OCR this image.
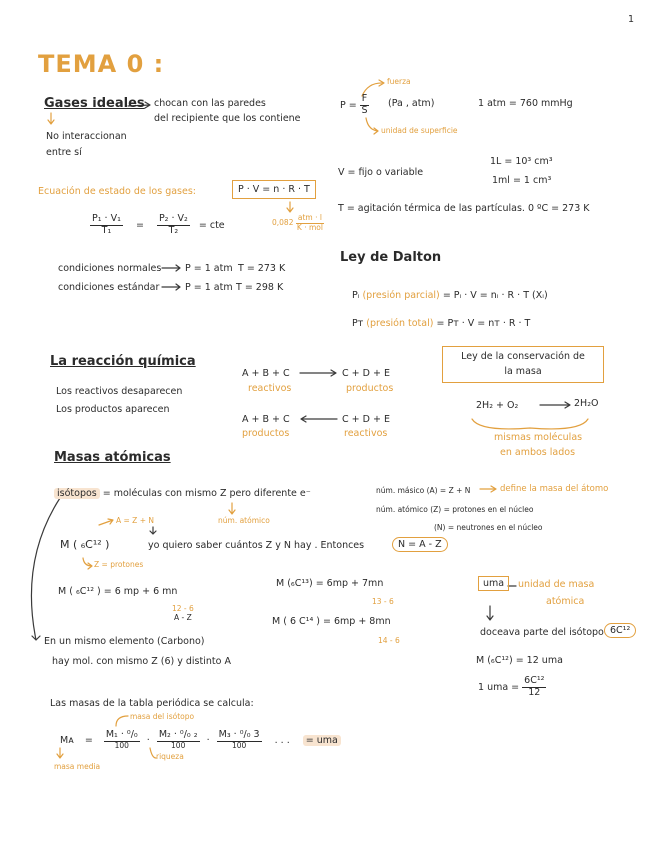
1
TEMA 0 :
Gases ideales chocan con las paredes
del recipiente que los contiene
No interaccionan
entre sí
Ecuación de estado de los gases:	P · V = n · R · T
$0,082 \frac{\text{atm · l}}{\text{K · mol}}$
$\frac{\text{P₁ · V₁}}{\text{T₁}} = \frac{\text{P₂ · V₂}}{\text{T₂}}$ = cte
condiciones normales P = 1 atm T = 273 K
condiciones estándar	P = 1 atm T = 298 K
$P = \frac{F}{S} (Pa$ , atm)
fuerza
unidad de superficie
1 atm = 760 mmHg
V = fijo o variable
1L = 10³ cm³
1ml = 1 cm³
T = agitación térmica de las partículas. 0 ºC = 273 K
Ley de Dalton
Pᵢ (presión parcial) = Pᵢ · V = nᵢ · R · T (Xᵢ)
Pᴛ (presión total) = Pᴛ · V = nᴛ · R · T
La reacción química
Los reactivos desaparecen
Los productos aparecen
A + B + C	C + D + E
reactivos	productos
A + B + C	C + D + E
productos	reactivos
Ley de la conservación de
la masa
2H₂ + O₂	2H₂O
mismas moléculas
en ambos lados
Masas atómicas
isótopos = moléculas con mismo Z pero diferente e⁻	núm. másico (A) = Z + N	define la masa del átomo
núm. atómico (Z) = protones en el núcleo
(N) = neutrones en el núcleo
A = Z + N	núm. atómico
M ( ₆C¹² )
Z = protones
yo quiero saber cuántos Z y N hay . Entonces	N = A - Z
M ( ₆C¹² ) = 6 mp + 6 mn
12 - 6
A - Z
M (₆C¹³) = 6mp + 7mn
13 - 6
M ( 6 C¹⁴ ) = 6mp + 8mn
14 - 6
uma	unidad de masa
atómica
doceava parte del isótopo 6C¹²
M (₆C¹²) = 12 uma
1 uma = $\frac{\text{6C¹²}}{12}$
En un mismo elemento (Carbono)
hay mol. con mismo Z (6) y distinto A
Las masas de la tabla periódica se calcula:
masa del isótopo
Mᴀ = $\frac{\text{M₁ · ⁰/₀}}{100} \cdot \frac{\text{M₂ · ⁰/₀ ₂}}{100} \cdot \frac{\text{M₃ · ⁰/₀ 3}}{100}$ . . . = uma
masa media
riqueza
